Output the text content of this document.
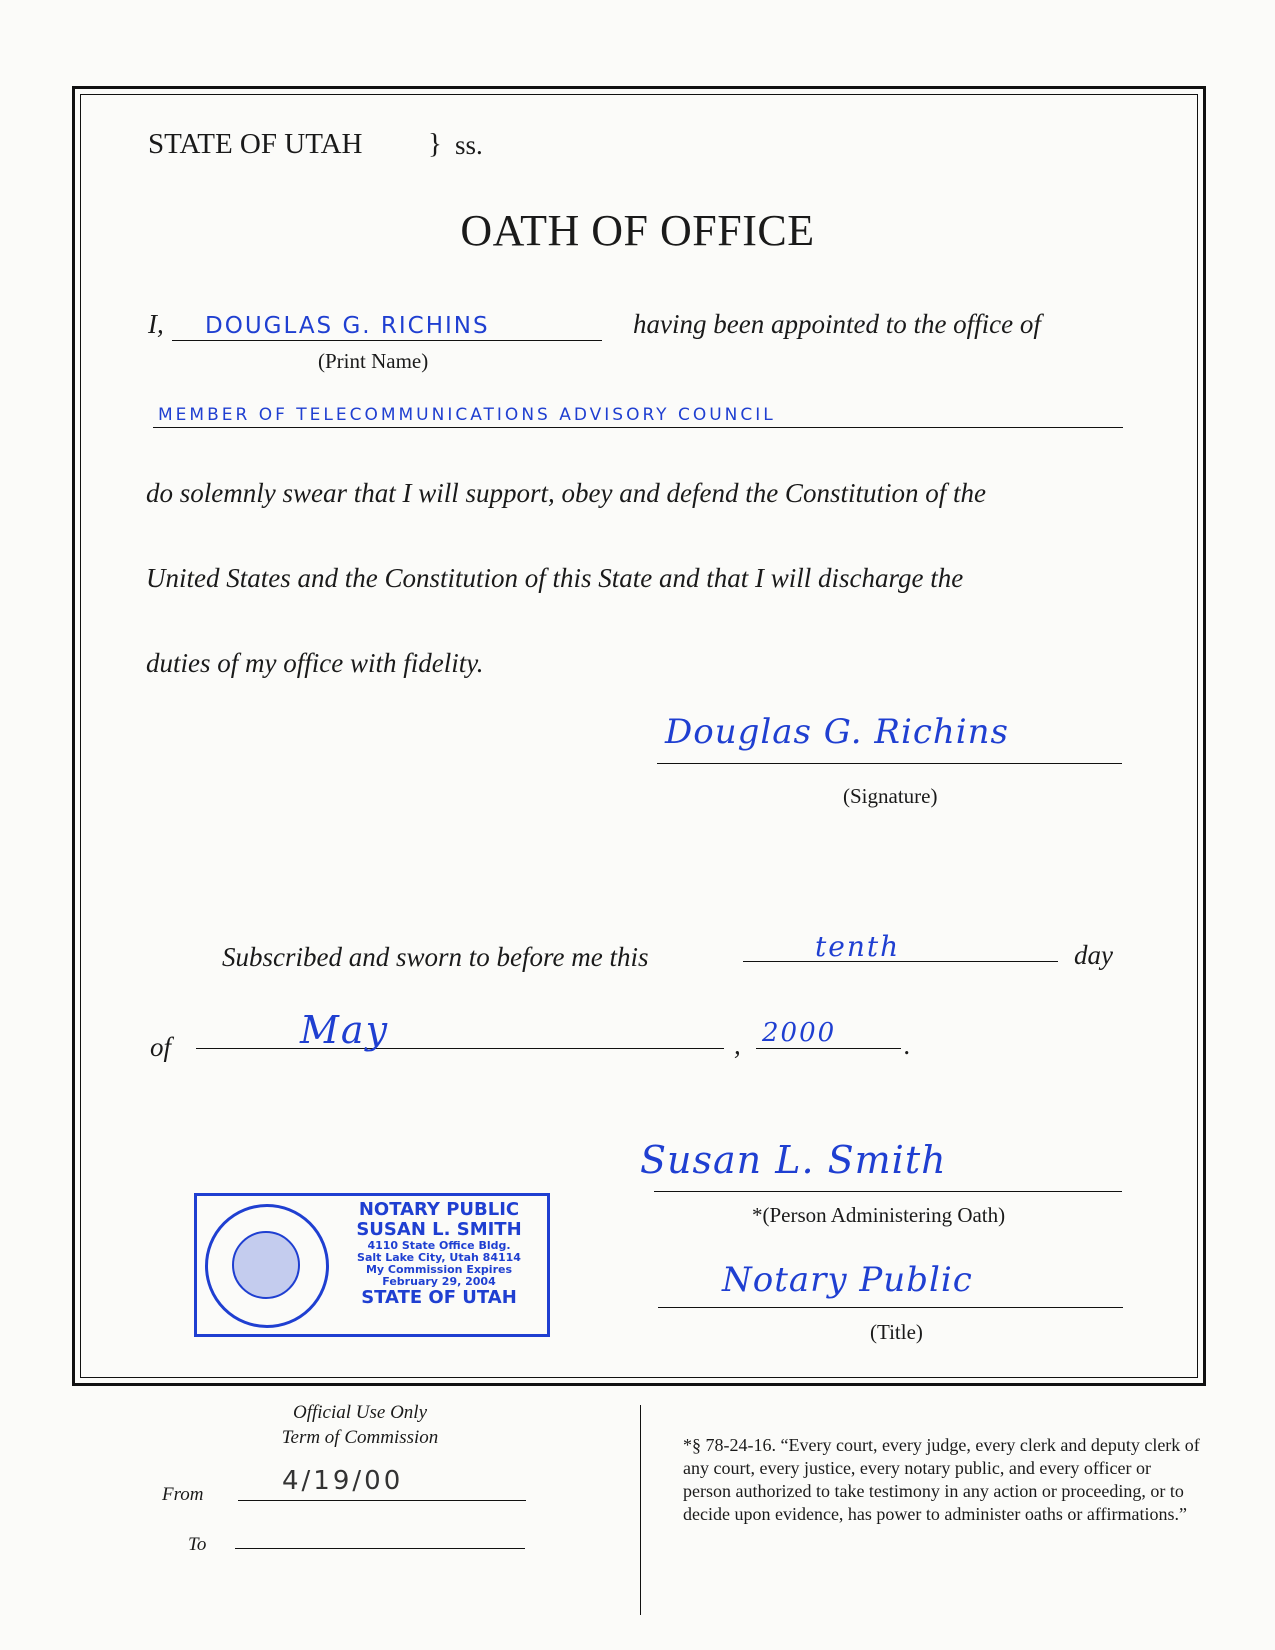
STATE OF UTAH } ss.
OATH OF OFFICE
I, DOUGLAS G. RICHINS
(Print Name)
having been appointed to the office of
MEMBER OF TELECOMMUNICATIONS ADVISORY COUNCIL
do solemnly swear that I will support, obey and defend the Constitution of the
United States and the Constitution of this State and that I will discharge the
duties of my office with fidelity.
Douglas G. Richins
(Signature)
Subscribed and sworn to before me this	tenth	day
of	May	, 2000	.
Susan L. Smith
*(Person Administering Oath)
Notary Public
(Title)
NOTARY PUBLIC
SUSAN L. SMITH
4110 State Office Bldg.
Salt Lake City, Utah 84114
My Commission Expires
February 29, 2004
STATE OF UTAH
Official Use Only
Term of Commission
From	4/19/00
To
*§ 78-24-16. “Every court, every judge, every clerk and deputy clerk of any court, every justice, every notary public, and every officer or person authorized to take testimony in any action or proceeding, or to decide upon evidence, has power to administer oaths or affirmations.”
